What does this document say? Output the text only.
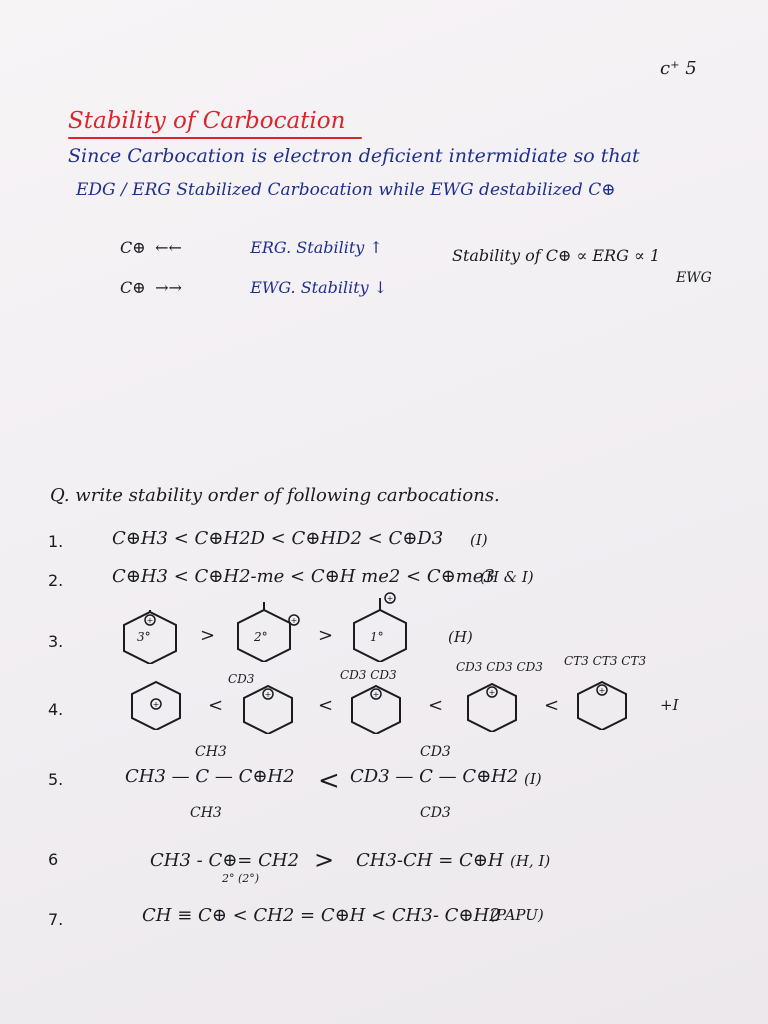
c⁺ 5
Stability of Carbocation
Since Carbocation is electron deficient intermidiate so that
EDG / ERG Stabilized Carbocation while EWG destabilized C⊕
C⊕ ←←	ERG. Stability ↑
C⊕ →→	EWG. Stability ↓
Stability of C⊕ ∝ ERG ∝ 1
EWG
Q. write stability order of following carbocations.
1.	C⊕H3 < C⊕H2D < C⊕HD2 < C⊕D3 (I)
2.	C⊕H3 < C⊕H2-me < C⊕H me2 < C⊕me3
(H & I)
3.
+
3°	>
+
2°	>
+
1°	(H)
4.	+	<
CD3
+
<
CD3 CD3
+
<
CD3 CD3 CD3
+
<
CT3 CT3 CT3
+
+I
5.
CH3
CH3 — C — C⊕H2
CH3
<
CD3
CD3 — C — C⊕H2
CD3
(I)
6	CH3 - C⊕= CH2
2° (2°)
> CH3-CH = C⊕H (H, I)
7.	CH ≡ C⊕ < CH2 = C⊕H < CH3- C⊕H2
(PAPU)
